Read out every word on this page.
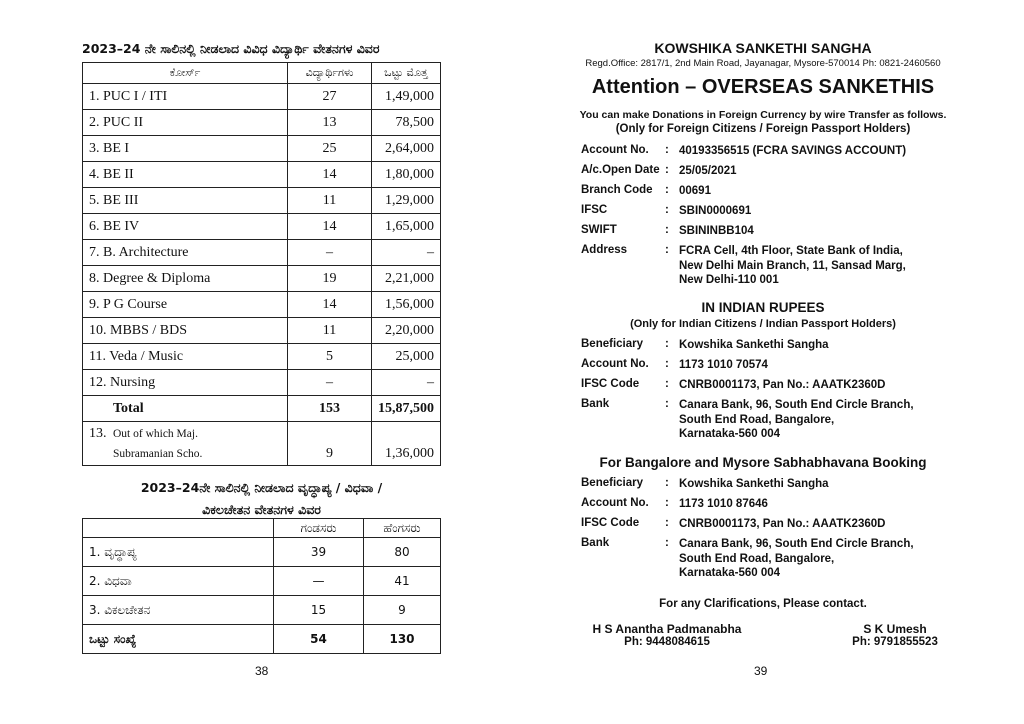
2023–24 ನೇ ಸಾಲಿನಲ್ಲಿ ನೀಡಲಾದ ವಿವಿಧ ವಿದ್ಯಾರ್ಥಿ ವೇತನಗಳ ವಿವರ
ಕೋರ್ಸ್	ವಿದ್ಯಾರ್ಥಿಗಳು	ಒಟ್ಟು ಮೊತ್ತ
1. PUC I / ITI	27	1,49,000
2. PUC II	13	78,500
3. BE I	25	2,64,000
4. BE II	14	1,80,000
5. BE III	11	1,29,000
6. BE IV	14	1,65,000
7. B. Architecture	–	–
8. Degree & Diploma	19	2,21,000
9. P G Course	14	1,56,000
10. MBBS / BDS	11	2,20,000
11. Veda / Music	5	25,000
12. Nursing	–	–
Total	153	15,87,500

13. Out of which Maj.
Subramanian Scho.	9	1,36,000
2023–24ನೇ ಸಾಲಿನಲ್ಲಿ ನೀಡಲಾದ ವೃದ್ಧಾಪ್ಯ / ವಿಧವಾ /
ವಿಕಲಚೇತನ ವೇತನಗಳ ವಿವರ
	ಗಂಡಸರು	ಹೆಂಗಸರು
1. ವೃದ್ಧಾಪ್ಯ	39	80
2. ವಿಧವಾ	—	41
3. ವಿಕಲಚೇತನ	15	9
ಒಟ್ಟು ಸಂಖ್ಯೆ	54	130
38
KOWSHIKA SANKETHI SANGHA
Regd.Office: 2817/1, 2nd Main Road, Jayanagar, Mysore-570014 Ph: 0821-2460560
Attention – OVERSEAS SANKETHIS
You can make Donations in Foreign Currency by wire Transfer as follows.
(Only for Foreign Citizens / Foreign Passport Holders)
Account No.	: 40193356515 (FCRA SAVINGS ACCOUNT)
A/c.Open Date : 25/05/2021
Branch Code	: 00691
IFSC	: SBIN0000691
SWIFT	: SBININBB104
Address	: FCRA Cell, 4th Floor, State Bank of India,
New Delhi Main Branch, 11, Sansad Marg,
New Delhi-110 001
IN INDIAN RUPEES
(Only for Indian Citizens / Indian Passport Holders)
Beneficiary	: Kowshika Sankethi Sangha
Account No.	: 1173 1010 70574
IFSC Code	: CNRB0001173, Pan No.: AAATK2360D
Bank	: Canara Bank, 96, South End Circle Branch,
South End Road, Bangalore,
Karnataka-560 004
For Bangalore and Mysore Sabhabhavana Booking
Beneficiary	: Kowshika Sankethi Sangha
Account No.	: 1173 1010 87646
IFSC Code	: CNRB0001173, Pan No.: AAATK2360D
Bank	: Canara Bank, 96, South End Circle Branch,
South End Road, Bangalore,
Karnataka-560 004
For any Clarifications, Please contact.
H S Anantha Padmanabha
Ph: 9448084615
S K Umesh
Ph: 9791855523
39
